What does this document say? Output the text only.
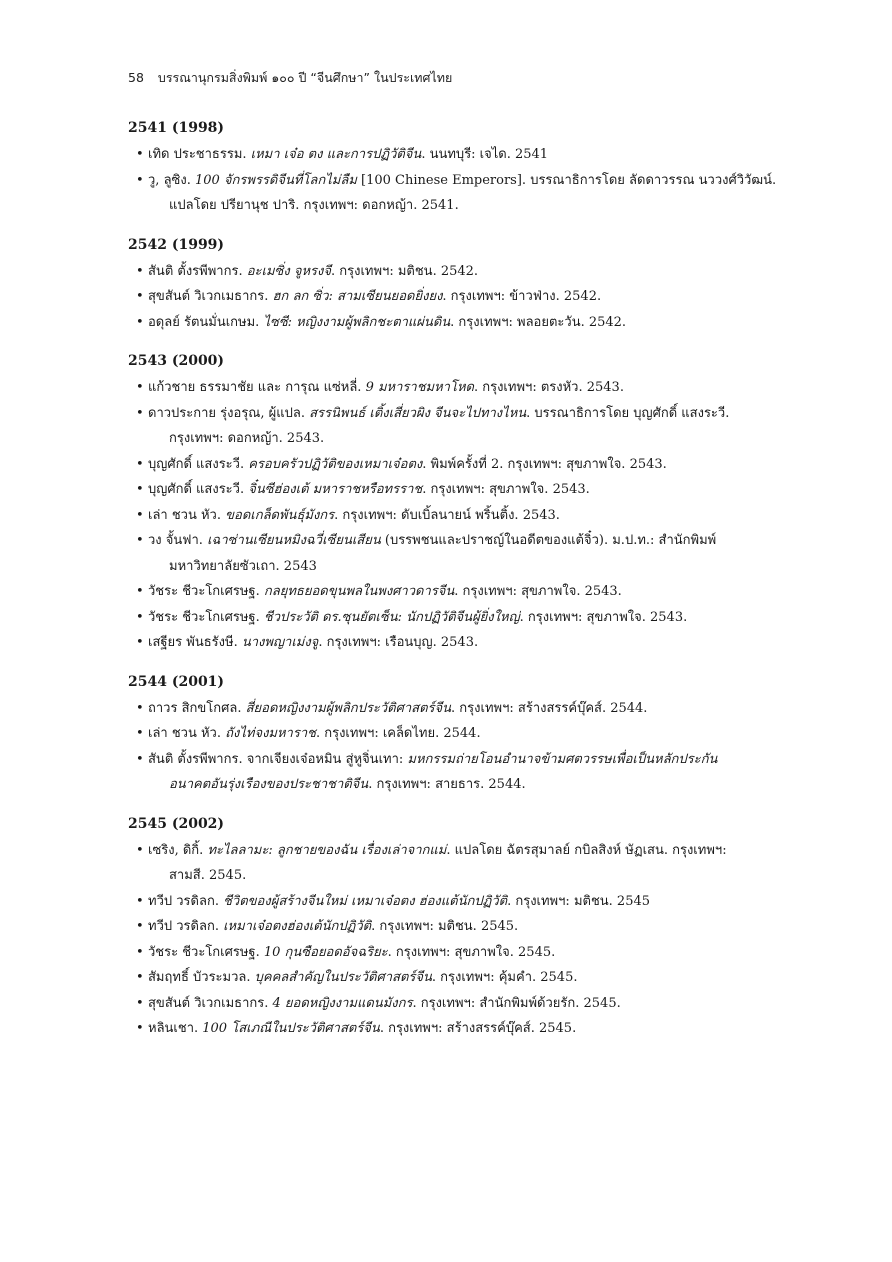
58 บรรณานุกรมสิ่งพิมพ์ ๑๐๐ ปี “จีนศึกษา” ในประเทศไทย
2541 (1998)
• เทิด ประชาธรรม. เหมา เจ๋อ ตง และการปฏิวัติจีน. นนทบุรี: เจได. 2541
• วู, ลูซิง. 100 จักรพรรดิจีนที่โลกไม่ลืม [100 Chinese Emperors]. บรรณาธิการโดย ลัดดาวรรณ นววงศ์วิวัฒน์.
แปลโดย ปรียานุช ปาริ. กรุงเทพฯ: ดอกหญ้า. 2541.
2542 (1999)
• สันติ ตั้งรพีพากร. อะเมซิ่ง จูหรงจี. กรุงเทพฯ: มติชน. 2542.
• สุขสันต์ วิเวกเมธากร. ฮก ลก ซิ่ว: สามเซียนยอดยิ่งยง. กรุงเทพฯ: ข้าวฟ่าง. 2542.
• อดุลย์ รัตนมั่นเกษม. ไซซี: หญิงงามผู้พลิกชะตาแผ่นดิน. กรุงเทพฯ: พลอยตะวัน. 2542.
2543 (2000)
• แก้วชาย ธรรมาชัย และ การุณ แซ่หลี่. 9 มหาราชมหาโหด. กรุงเทพฯ: ตรงหัว. 2543.
• ดาวประกาย รุ่งอรุณ, ผู้แปล. สรรนิพนธ์ เติ้งเสี่ยวผิง จีนจะไปทางไหน. บรรณาธิการโดย บุญศักดิ์ แสงระวี.
กรุงเทพฯ: ดอกหญ้า. 2543.
• บุญศักดิ์ แสงระวี. ครอบครัวปฏิวัติของเหมาเจ๋อตง. พิมพ์ครั้งที่ 2. กรุงเทพฯ: สุขภาพใจ. 2543.
• บุญศักดิ์ แสงระวี. จิ๋นซีฮ่องเต้ มหาราชหรือทรราช. กรุงเทพฯ: สุขภาพใจ. 2543.
• เล่า ชวน หัว. ขอดเกล็ดพันธุ์มังกร. กรุงเทพฯ: ดับเบิ้ลนายน์ พริ้นติ้ง. 2543.
• วง จั้นฟา. เฉาซ่านเซียนหมิงฉวี่เซียนเสียน (บรรพชนและปราชญ์ในอดีตของแต้จิ๋ว). ม.ป.ท.: สำนักพิมพ์
มหาวิทยาลัยซัวเถา. 2543
• วัชระ ชีวะโกเศรษฐ. กลยุทธยอดขุนพลในพงศาวดารจีน. กรุงเทพฯ: สุขภาพใจ. 2543.
• วัชระ ชีวะโกเศรษฐ. ชีวประวัติ ดร.ซุนยัตเซ็น: นักปฏิวัติจีนผู้ยิ่งใหญ่. กรุงเทพฯ: สุขภาพใจ. 2543.
• เสฐียร พันธรังษี. นางพญาเม่งจู. กรุงเทพฯ: เรือนบุญ. 2543.
2544 (2001)
• ถาวร สิกขโกศล. สี่ยอดหญิงงามผู้พลิกประวัติศาสตร์จีน. กรุงเทพฯ: สร้างสรรค์บุ๊คส์. 2544.
• เล่า ชวน หัว. ถังไท่จงมหาราช. กรุงเทพฯ: เคล็ดไทย. 2544.
• สันติ ตั้งรพีพากร. จากเจียงเจ๋อหมิน สู่หูจิ่นเทา: มหกรรมถ่ายโอนอำนาจข้ามศตวรรษเพื่อเป็นหลักประกัน
อนาคตอันรุ่งเรืองของประชาชาติจีน. กรุงเทพฯ: สายธาร. 2544.
2545 (2002)
• เซริง, ดิกิ้. ทะไลลามะ: ลูกชายของฉัน เรื่องเล่าจากแม่. แปลโดย ฉัตรสุมาลย์ กบิลสิงห์ ษัฏเสน. กรุงเทพฯ:
สามสี. 2545.
• ทวีป วรดิลก. ชีวิตของผู้สร้างจีนใหม่ เหมาเจ๋อตง ฮ่องแต้นักปฏิวัติ. กรุงเทพฯ: มติชน. 2545
• ทวีป วรดิลก. เหมาเจ๋อตงฮ่องเต้นักปฏิวัติ. กรุงเทพฯ: มติชน. 2545.
• วัชระ ชีวะโกเศรษฐ. 10 กุนซือยอดอัจฉริยะ. กรุงเทพฯ: สุขภาพใจ. 2545.
• สัมฤทธิ์ บัวระมวล. บุคคลสำคัญในประวัติศาสตร์จีน. กรุงเทพฯ: คุ้มคำ. 2545.
• สุขสันต์ วิเวกเมธากร. 4 ยอดหญิงงามแดนมังกร. กรุงเทพฯ: สำนักพิมพ์ด้วยรัก. 2545.
• หลินเชา. 100 โสเภณีในประวัติศาสตร์จีน. กรุงเทพฯ: สร้างสรรค์บุ๊คส์. 2545.
